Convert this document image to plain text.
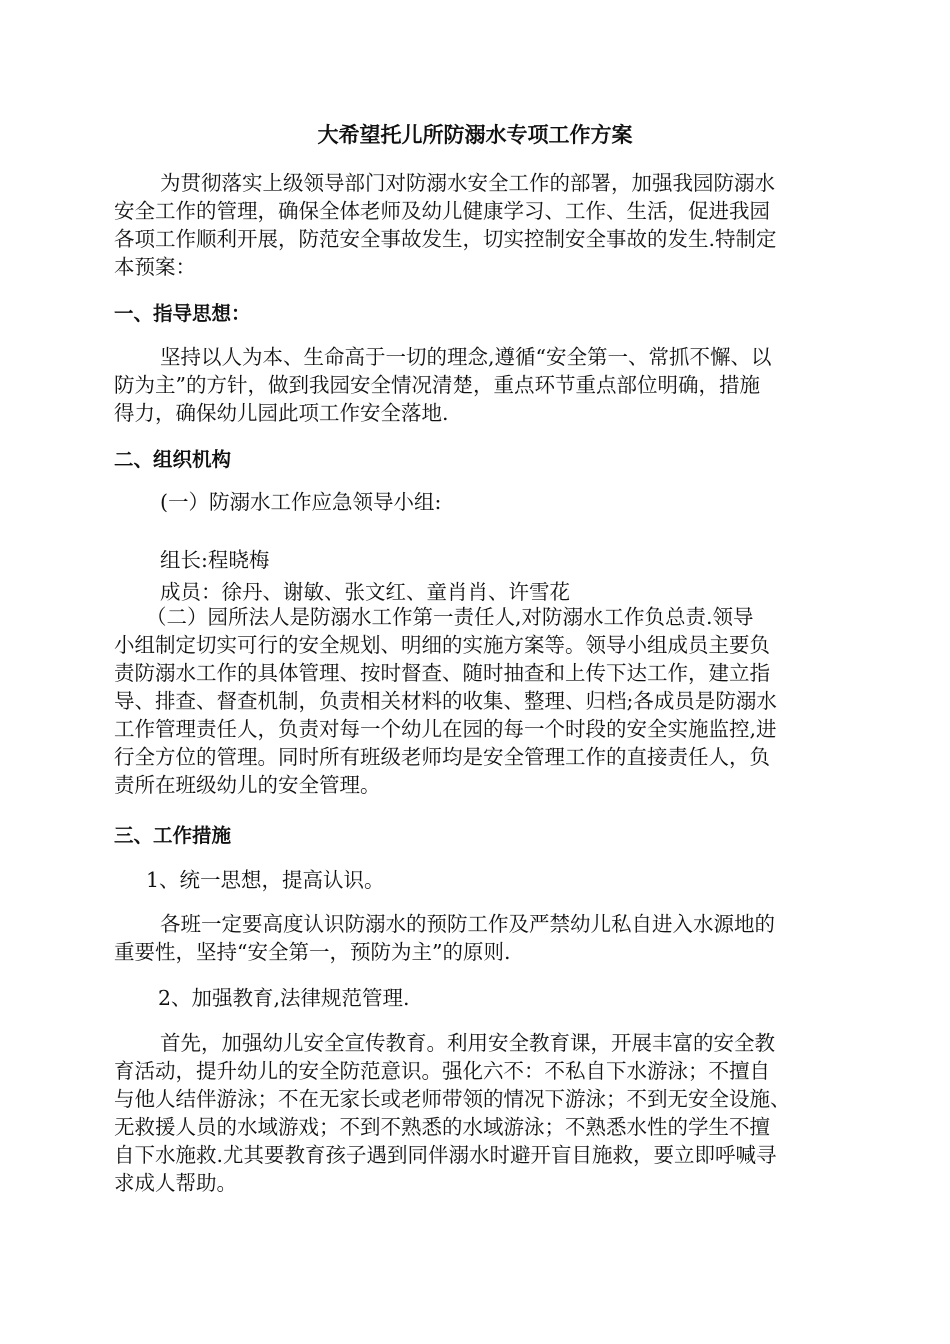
大希望托儿所防溺水专项工作方案
为贯彻落实上级领导部门对防溺水安全工作的部署，加强我园防溺水
安全工作的管理，确保全体老师及幼儿健康学习、工作、生活，促进我园
各项工作顺利开展，防范安全事故发生，切实控制安全事故的发生.特制定
本预案：
一、指导思想：
坚持以人为本、生命高于一切的理念,遵循“安全第一、常抓不懈、以
防为主”的方针，做到我园安全情况清楚，重点环节重点部位明确，措施
得力，确保幼儿园此项工作安全落地.
二、组织机构
(一）防溺水工作应急领导小组:
组长:程晓梅
成员：徐丹、谢敏、张文红、童肖肖、许雪花
（二）园所法人是防溺水工作第一责任人,对防溺水工作负总责.领导
小组制定切实可行的安全规划、明细的实施方案等。领导小组成员主要负
责防溺水工作的具体管理、按时督查、随时抽查和上传下达工作，建立指
导、排查、督查机制，负责相关材料的收集、整理、归档;各成员是防溺水
工作管理责任人，负责对每一个幼儿在园的每一个时段的安全实施监控,进
行全方位的管理。同时所有班级老师均是安全管理工作的直接责任人，负
责所在班级幼儿的安全管理。
三、工作措施
1、统一思想，提高认识。
各班一定要高度认识防溺水的预防工作及严禁幼儿私自进入水源地的
重要性，坚持“安全第一，预防为主”的原则.
2、加强教育,法律规范管理.
首先，加强幼儿安全宣传教育。利用安全教育课，开展丰富的安全教
育活动，提升幼儿的安全防范意识。强化六不：不私自下水游泳；不擅自
与他人结伴游泳；不在无家长或老师带领的情况下游泳；不到无安全设施、
无救援人员的水域游戏；不到不熟悉的水域游泳；不熟悉水性的学生不擅
自下水施救.尤其要教育孩子遇到同伴溺水时避开盲目施救，要立即呼喊寻
求成人帮助。
